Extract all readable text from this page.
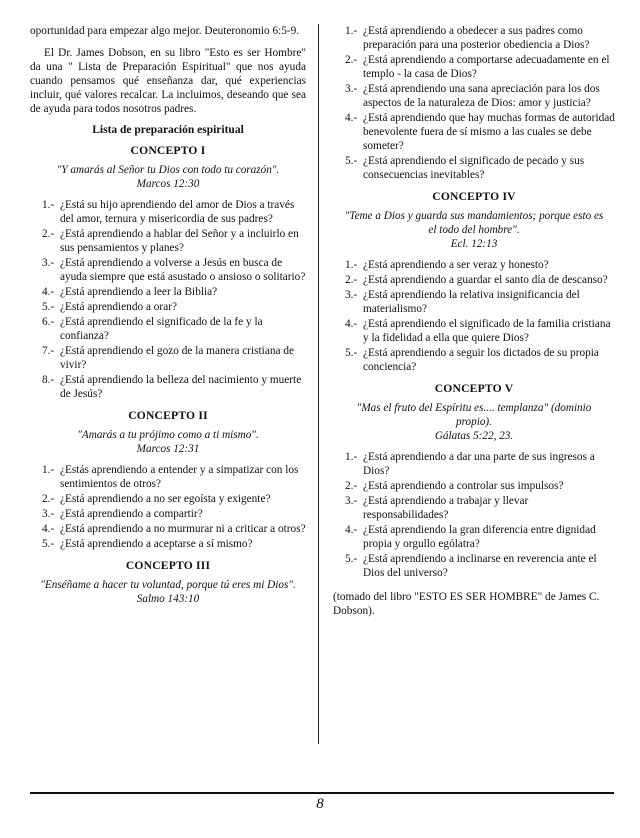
oportunidad para empezar algo mejor. Deuteronomio 6:5-9.

El Dr. James Dobson, en su libro "Esto es ser Hombre" da una " Lista de Preparación Espiritual" que nos ayuda cuando pensamos qué enseñanza dar, qué experiencias incluir, qué valores recalcar. La incluimos, deseando que sea de ayuda para todos nosotros padres.

Lista de preparación espiritual
CONCEPTO I
"Y amarás al Señor tu Dios con todo tu corazón".
Marcos 12:30
1.- ¿Está su hijo aprendiendo del amor de Dios a través del amor, ternura y misericordia de sus padres?
2.- ¿Está aprendiendo a hablar del Señor y a incluirlo en sus pensamientos y planes?
3.- ¿Está aprendiendo a volverse a Jesús en busca de ayuda siempre que está asustado o ansioso o solitario?
4.- ¿Está aprendiendo a leer la Biblia?
5.- ¿Está aprendiendo a orar?
6.- ¿Está aprendiendo el significado de la fe y la confianza?
7.- ¿Está aprendiendo el gozo de la manera cristiana de vivir?
8.- ¿Está aprendiendo la belleza del nacimiento y muerte de Jesús?
CONCEPTO II
"Amarás a tu prójimo como a ti mismo".
Marcos 12:31
1.- ¿Estás aprendiendo a entender y a simpatizar con los sentimientos de otros?
2.- ¿Está aprendiendo a no ser egoísta y exigente?
3.- ¿Está aprendiendo a compartir?
4.- ¿Está aprendiendo a no murmurar ni a criticar a otros?
5.- ¿Está aprendiendo a aceptarse a sí mismo?
CONCEPTO III
"Enséñame a hacer tu voluntad, porque tú eres mi Dios".
Salmo 143:10
1.- ¿Está aprendiendo a obedecer a sus padres como preparación para una posterior obediencia a Dios?
2.- ¿Está aprendiendo a comportarse adecuadamente en el templo - la casa de Dios?
3.- ¿Está aprendiendo una sana apreciación para los dos aspectos de la naturaleza de Dios: amor y justicia?
4.- ¿Está aprendiendo que hay muchas formas de autoridad benevolente fuera de sí mismo a las cuales se debe someter?
5.- ¿Está aprendiendo el significado de pecado y sus consecuencias inevitables?
CONCEPTO IV
"Teme a Dios y guarda sus mandamientos; porque esto es el todo del hombre".
Ecl. 12:13
1.- ¿Está aprendiendo a ser veraz y honesto?
2.- ¿Está aprendiendo a guardar el santo día de descanso?
3.- ¿Está aprendiendo la relativa insignificancia del materialismo?
4.- ¿Está aprendiendo el significado de la familia cristiana y la fidelidad a ella que quiere Dios?
5.- ¿Está aprendiendo a seguir los dictados de su propia conciencia?
CONCEPTO V
"Mas el fruto del Espíritu es.... templanza" (dominio propio).
Gálatas 5:22, 23.
1.- ¿Está aprendiendo a dar una parte de sus ingresos a Dios?
2.- ¿Está aprendiendo a controlar sus impulsos?
3.- ¿Está aprendiendo a trabajar y llevar responsabilidades?
4.- ¿Está aprendiendo la gran diferencia entre dignidad propia y orgullo ególatra?
5.- ¿Está aprendiendo a inclinarse en reverencia ante el Dios del universo?

(tomado del libro "ESTO ES SER HOMBRE" de James C. Dobson).

8
